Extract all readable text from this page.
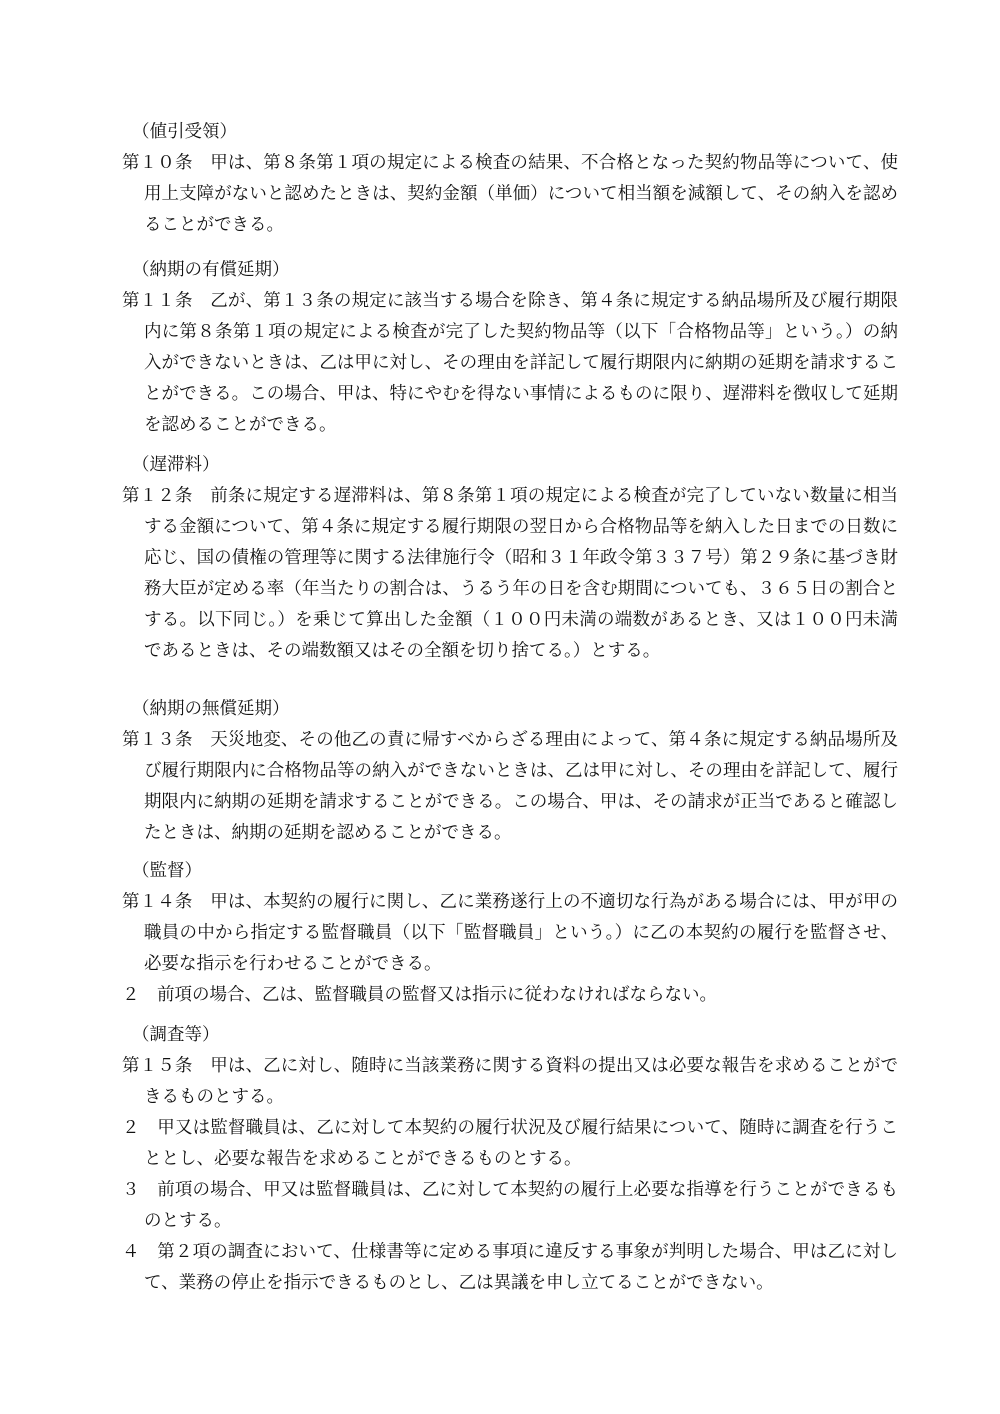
（値引受領）

第１０条　甲は、第８条第１項の規定による検査の結果、不合格となった契約物品等について、使用上支障がないと認めたときは、契約金額（単価）について相当額を減額して、その納入を認めることができる。

（納期の有償延期）

第１１条　乙が、第１３条の規定に該当する場合を除き、第４条に規定する納品場所及び履行期限内に第８条第１項の規定による検査が完了した契約物品等（以下「合格物品等」という。）の納入ができないときは、乙は甲に対し、その理由を詳記して履行期限内に納期の延期を請求することができる。この場合、甲は、特にやむを得ない事情によるものに限り、遅滞料を徴収して延期を認めることができる。

（遅滞料）

第１２条　前条に規定する遅滞料は、第８条第１項の規定による検査が完了していない数量に相当する金額について、第４条に規定する履行期限の翌日から合格物品等を納入した日までの日数に応じ、国の債権の管理等に関する法律施行令（昭和３１年政令第３３７号）第２９条に基づき財務大臣が定める率（年当たりの割合は、うるう年の日を含む期間についても、３６５日の割合とする。以下同じ。）を乗じて算出した金額（１００円未満の端数があるとき、又は１００円未満であるときは、その端数額又はその全額を切り捨てる。）とする。

（納期の無償延期）

第１３条　天災地変、その他乙の責に帰すべからざる理由によって、第４条に規定する納品場所及び履行期限内に合格物品等の納入ができないときは、乙は甲に対し、その理由を詳記して、履行期限内に納期の延期を請求することができる。この場合、甲は、その請求が正当であると確認したときは、納期の延期を認めることができる。

（監督）

第１４条　甲は、本契約の履行に関し、乙に業務遂行上の不適切な行為がある場合には、甲が甲の職員の中から指定する監督職員（以下「監督職員」という。）に乙の本契約の履行を監督させ、必要な指示を行わせることができる。

２　前項の場合、乙は、監督職員の監督又は指示に従わなければならない。

（調査等）

第１５条　甲は、乙に対し、随時に当該業務に関する資料の提出又は必要な報告を求めることができるものとする。

２　甲又は監督職員は、乙に対して本契約の履行状況及び履行結果について、随時に調査を行うこととし、必要な報告を求めることができるものとする。

３　前項の場合、甲又は監督職員は、乙に対して本契約の履行上必要な指導を行うことができるものとする。

４　第２項の調査において、仕様書等に定める事項に違反する事象が判明した場合、甲は乙に対して、業務の停止を指示できるものとし、乙は異議を申し立てることができない。
